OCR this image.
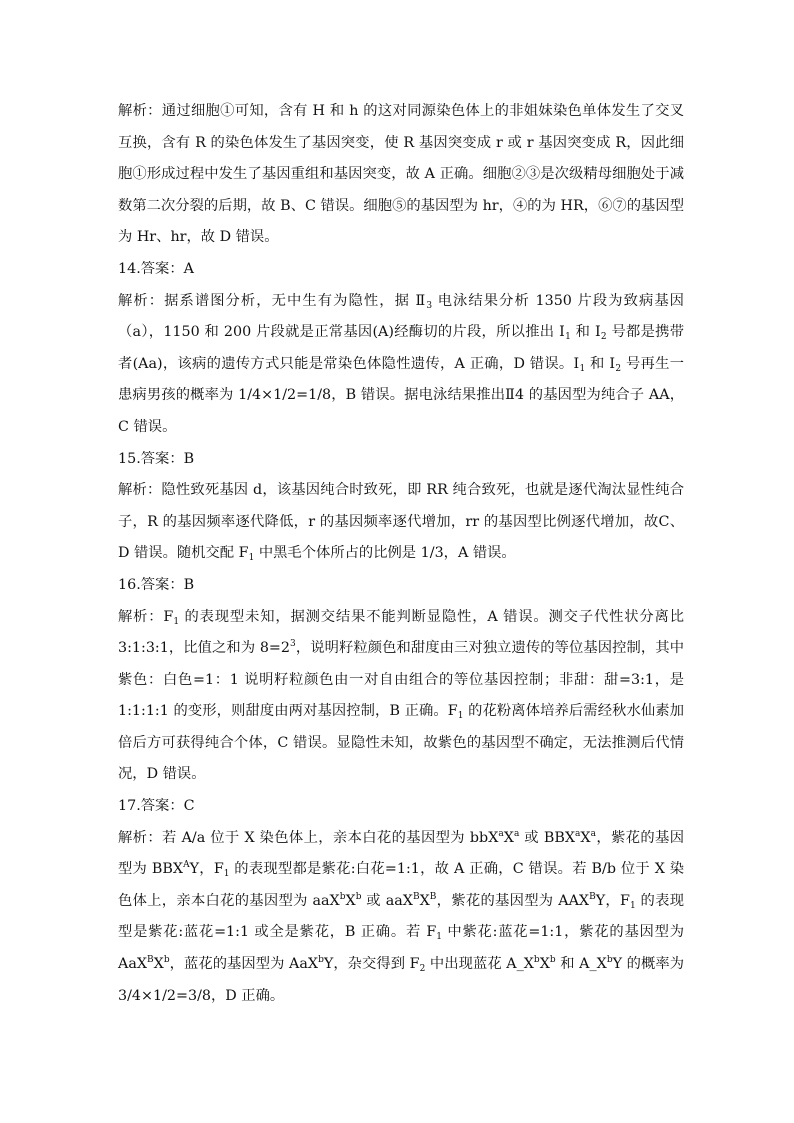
解析：通过细胞①可知，含有 H 和 h 的这对同源染色体上的非姐妹染色单体发生了交叉互换，含有 R 的染色体发生了基因突变，使 R 基因突变成 r 或 r 基因突变成 R，因此细胞①形成过程中发生了基因重组和基因突变，故 A 正确。细胞②③是次级精母细胞处于减数第二次分裂的后期，故 B、C 错误。细胞⑤的基因型为 hr，④的为 HR，⑥⑦的基因型为 Hr、hr，故 D 错误。

14.答案：A

解析：据系谱图分析，无中生有为隐性，据 $Ⅱ_3$ 电泳结果分析 1350 片段为致病基因（a），1150 和 200 片段就是正常基因(A)经酶切的片段，所以推出 $Ⅰ_1$ 和 $Ⅰ_2$ 号都是携带者(Aa)，该病的遗传方式只能是常染色体隐性遗传，A 正确，D 错误。$Ⅰ_1$ 和 $Ⅰ_2$ 号再生一患病男孩的概率为 1/4×1/2=1/8，B 错误。据电泳结果推出Ⅱ4 的基因型为纯合子 AA，C 错误。

15.答案：B

解析：隐性致死基因 d，该基因纯合时致死，即 RR 纯合致死，也就是逐代淘汰显性纯合子，R 的基因频率逐代降低，r 的基因频率逐代增加，rr 的基因型比例逐代增加，故C、D 错误。随机交配 $F_1$ 中黑毛个体所占的比例是 1/3，A 错误。

16.答案：B

解析：$F_1$ 的表现型未知，据测交结果不能判断显隐性，A 错误。测交子代性状分离比 3:1:3:1，比值之和为 $8=2^3$，说明籽粒颜色和甜度由三对独立遗传的等位基因控制，其中紫色：白色=1：1 说明籽粒颜色由一对自由组合的等位基因控制；非甜：甜=3:1，是 1:1:1:1 的变形，则甜度由两对基因控制，B 正确。$F_1$ 的花粉离体培养后需经秋水仙素加倍后方可获得纯合个体，C 错误。显隐性未知，故紫色的基因型不确定，无法推测后代情况，D 错误。

17.答案：C

解析：若 A/a 位于 X 染色体上，亲本白花的基因型为 $bbX^aX^a$ 或 $BBX^aX^a$，紫花的基因型为 $BBX^AY$，$F_1$ 的表现型都是紫花:白花=1:1，故 A 正确，C 错误。若 B/b 位于 X 染色体上，亲本白花的基因型为 $aaX^bX^b$ 或 $aaX^BX^B$，紫花的基因型为 $AAX^BY$，$F_1$ 的表现型是紫花:蓝花=1:1 或全是紫花，B 正确。若 $F_1$ 中紫花:蓝花=1:1，紫花的基因型为 $AaX^BX^b$，蓝花的基因型为 AaX$^b$Y，杂交得到 $F_2$ 中出现蓝花 $A\_X^bX^b$ 和 $A\_X^bY$ 的概率为 3/4×1/2=3/8，D 正确。
